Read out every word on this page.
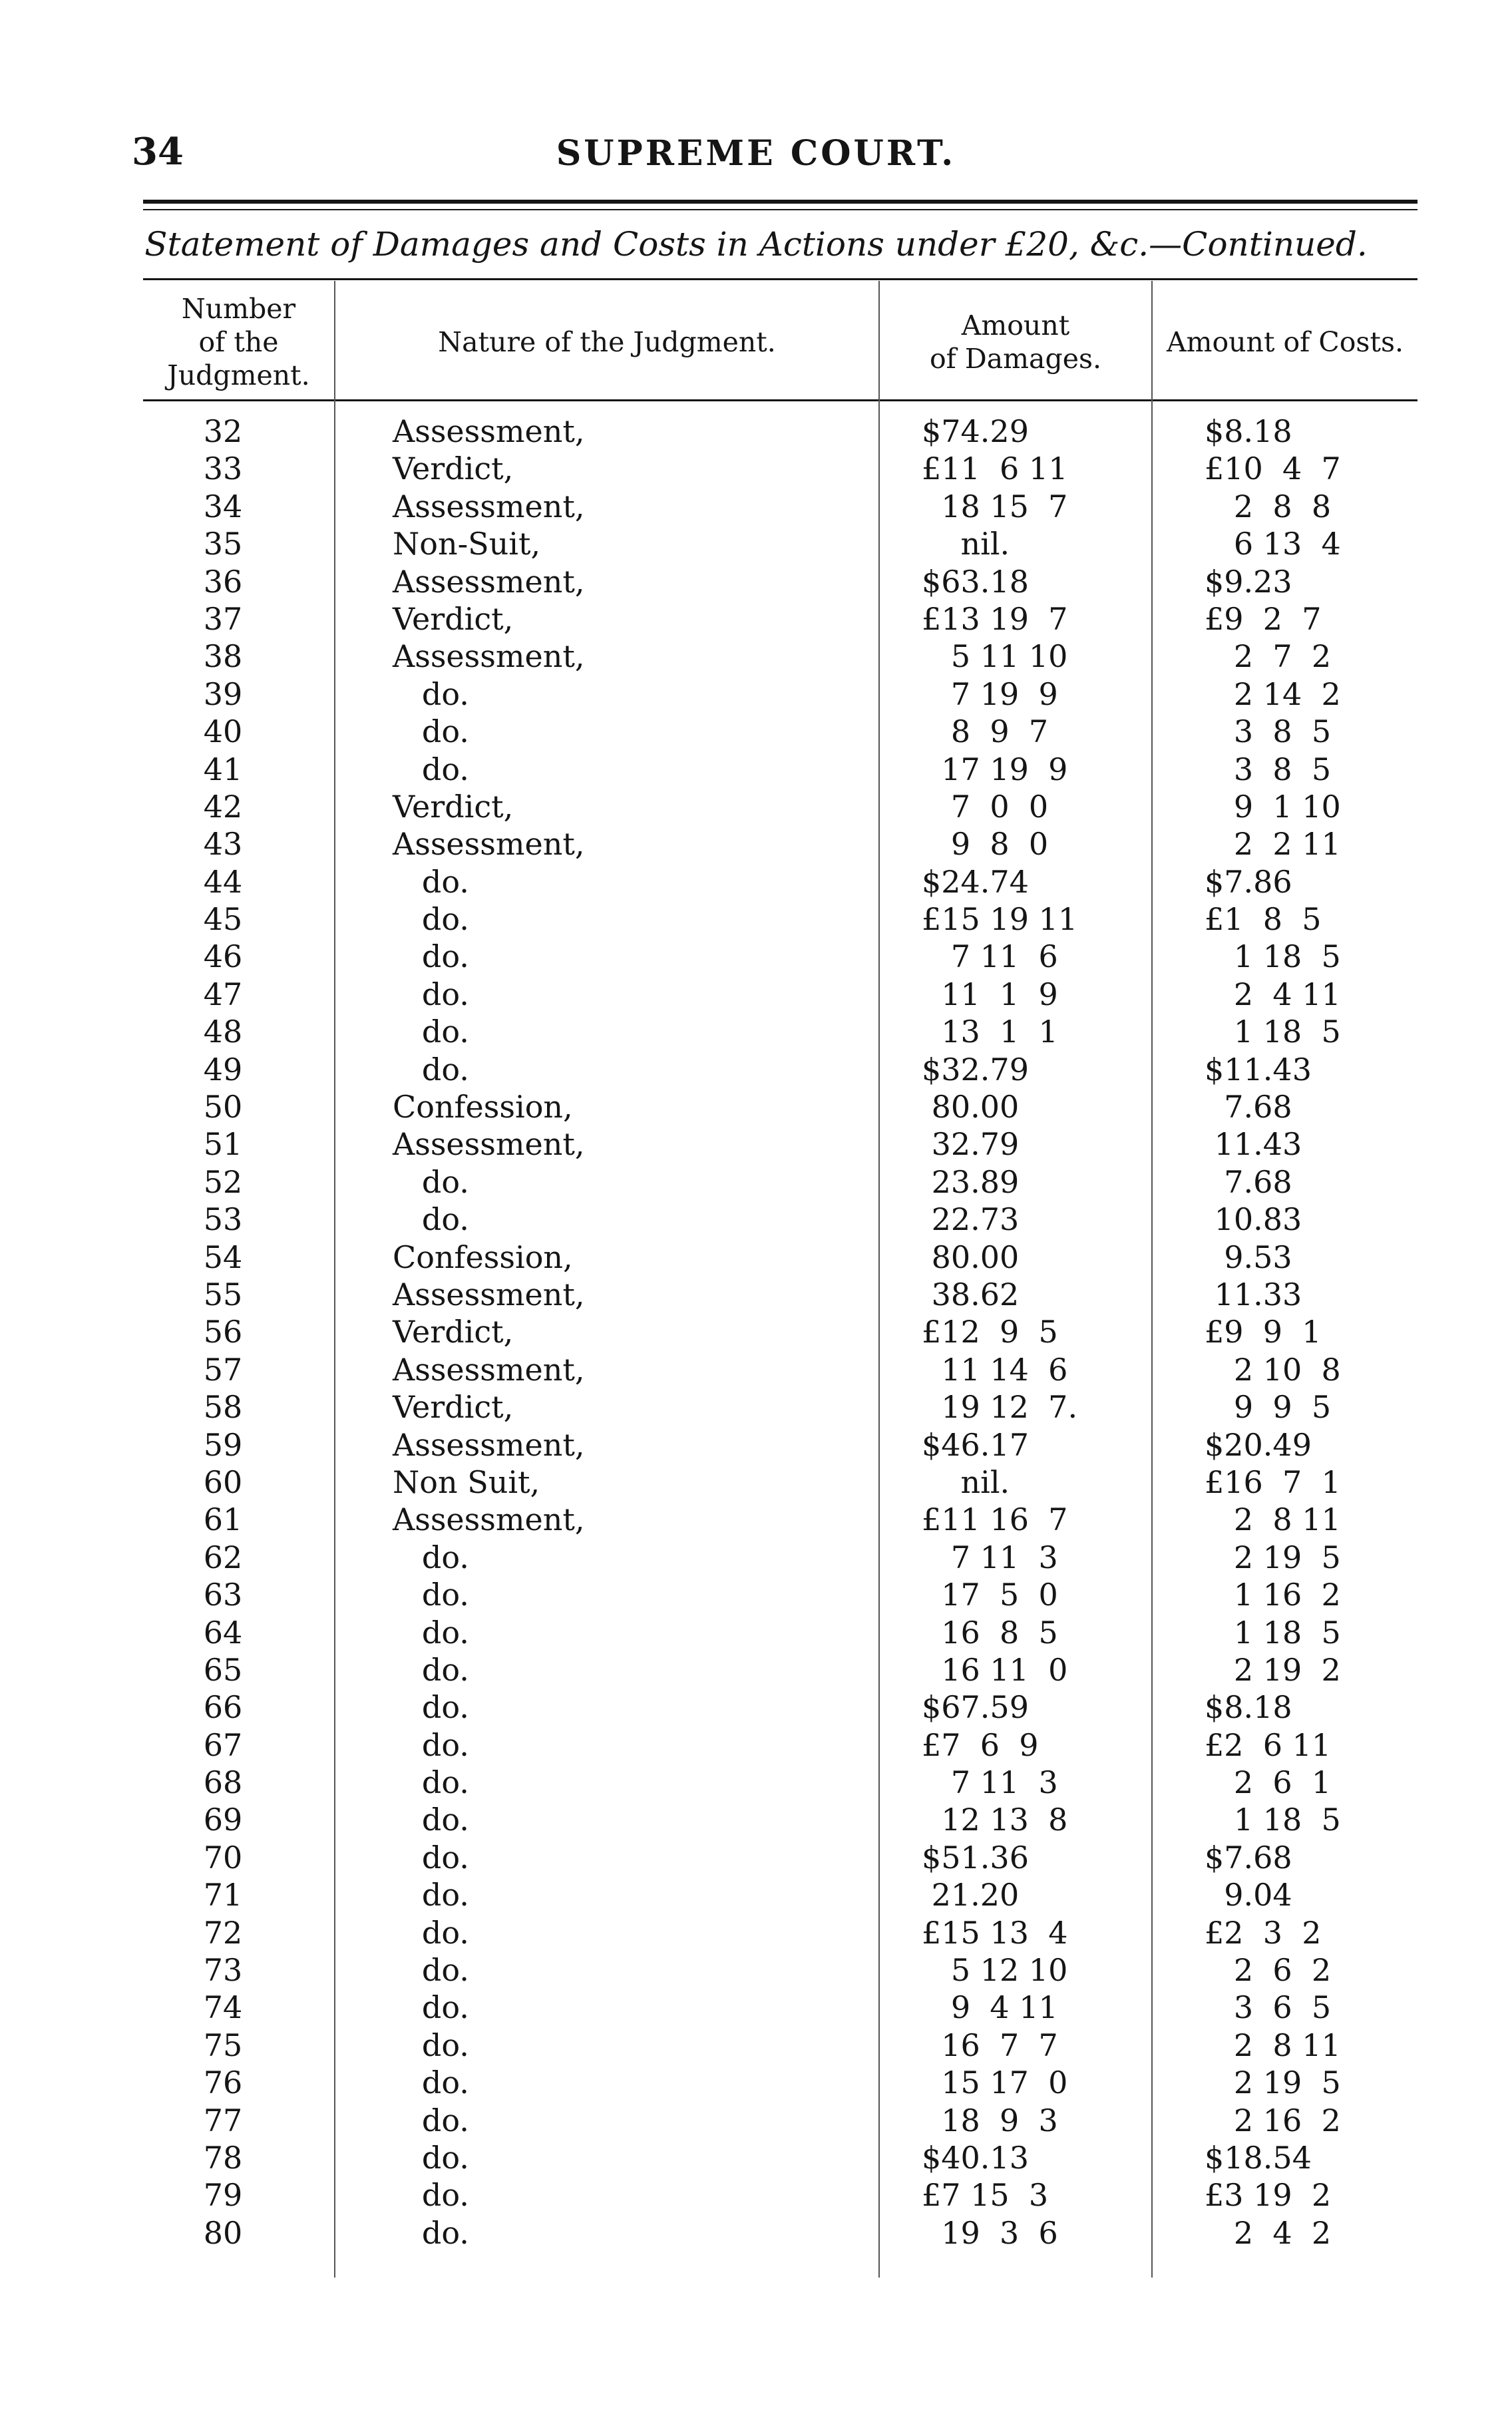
34	SUPREME COURT.
Statement of Damages and Costs in Actions under £20, &c.—Continued.
Number
of the
Judgment.
Nature of the Judgment.
Amount
of Damages.
Amount of Costs.
32	Assessment,	$74.29	$8.18
33	Verdict,	£11  6 11	£10  4  7
34	Assessment,	18 15  7	2  8  8
35	Non-Suit,	nil.	6 13  4
36	Assessment,	$63.18	$9.23
37	Verdict,	£13 19  7	£9  2  7
38	Assessment,	5 11 10	2  7  2
39	do.	7 19  9	2 14  2
40	do.	8  9  7	3  8  5
41	do.	17 19  9	3  8  5
42	Verdict,	7  0  0	9  1 10
43	Assessment,	9  8  0	2  2 11
44	do.	$24.74	$7.86
45	do.	£15 19 11	£1  8  5
46	do.	7 11  6	1 18  5
47	do.	11  1  9	2  4 11
48	do.	13  1  1	1 18  5
49	do.	$32.79	$11.43
50	Confession,	80.00	7.68
51	Assessment,	32.79	11.43
52	do.	23.89	7.68
53	do.	22.73	10.83
54	Confession,	80.00	9.53
55	Assessment,	38.62	11.33
56	Verdict,	£12  9  5	£9  9  1
57	Assessment,	11 14  6	2 10  8
58	Verdict,	19 12  7.	9  9  5
59	Assessment,	$46.17	$20.49
60	Non Suit,	nil.	£16  7  1
61	Assessment,	£11 16  7	2  8 11
62	do.	7 11  3	2 19  5
63	do.	17  5  0	1 16  2
64	do.	16  8  5	1 18  5
65	do.	16 11  0	2 19  2
66	do.	$67.59	$8.18
67	do.	£7  6  9	£2  6 11
68	do.	7 11  3	2  6  1
69	do.	12 13  8	1 18  5
70	do.	$51.36	$7.68
71	do.	21.20	9.04
72	do.	£15 13  4	£2  3  2
73	do.	5 12 10	2  6  2
74	do.	9  4 11	3  6  5
75	do.	16  7  7	2  8 11
76	do.	15 17  0	2 19  5
77	do.	18  9  3	2 16  2
78	do.	$40.13	$18.54
79	do.	£7 15  3	£3 19  2
80	do.	19  3  6	2  4  2
